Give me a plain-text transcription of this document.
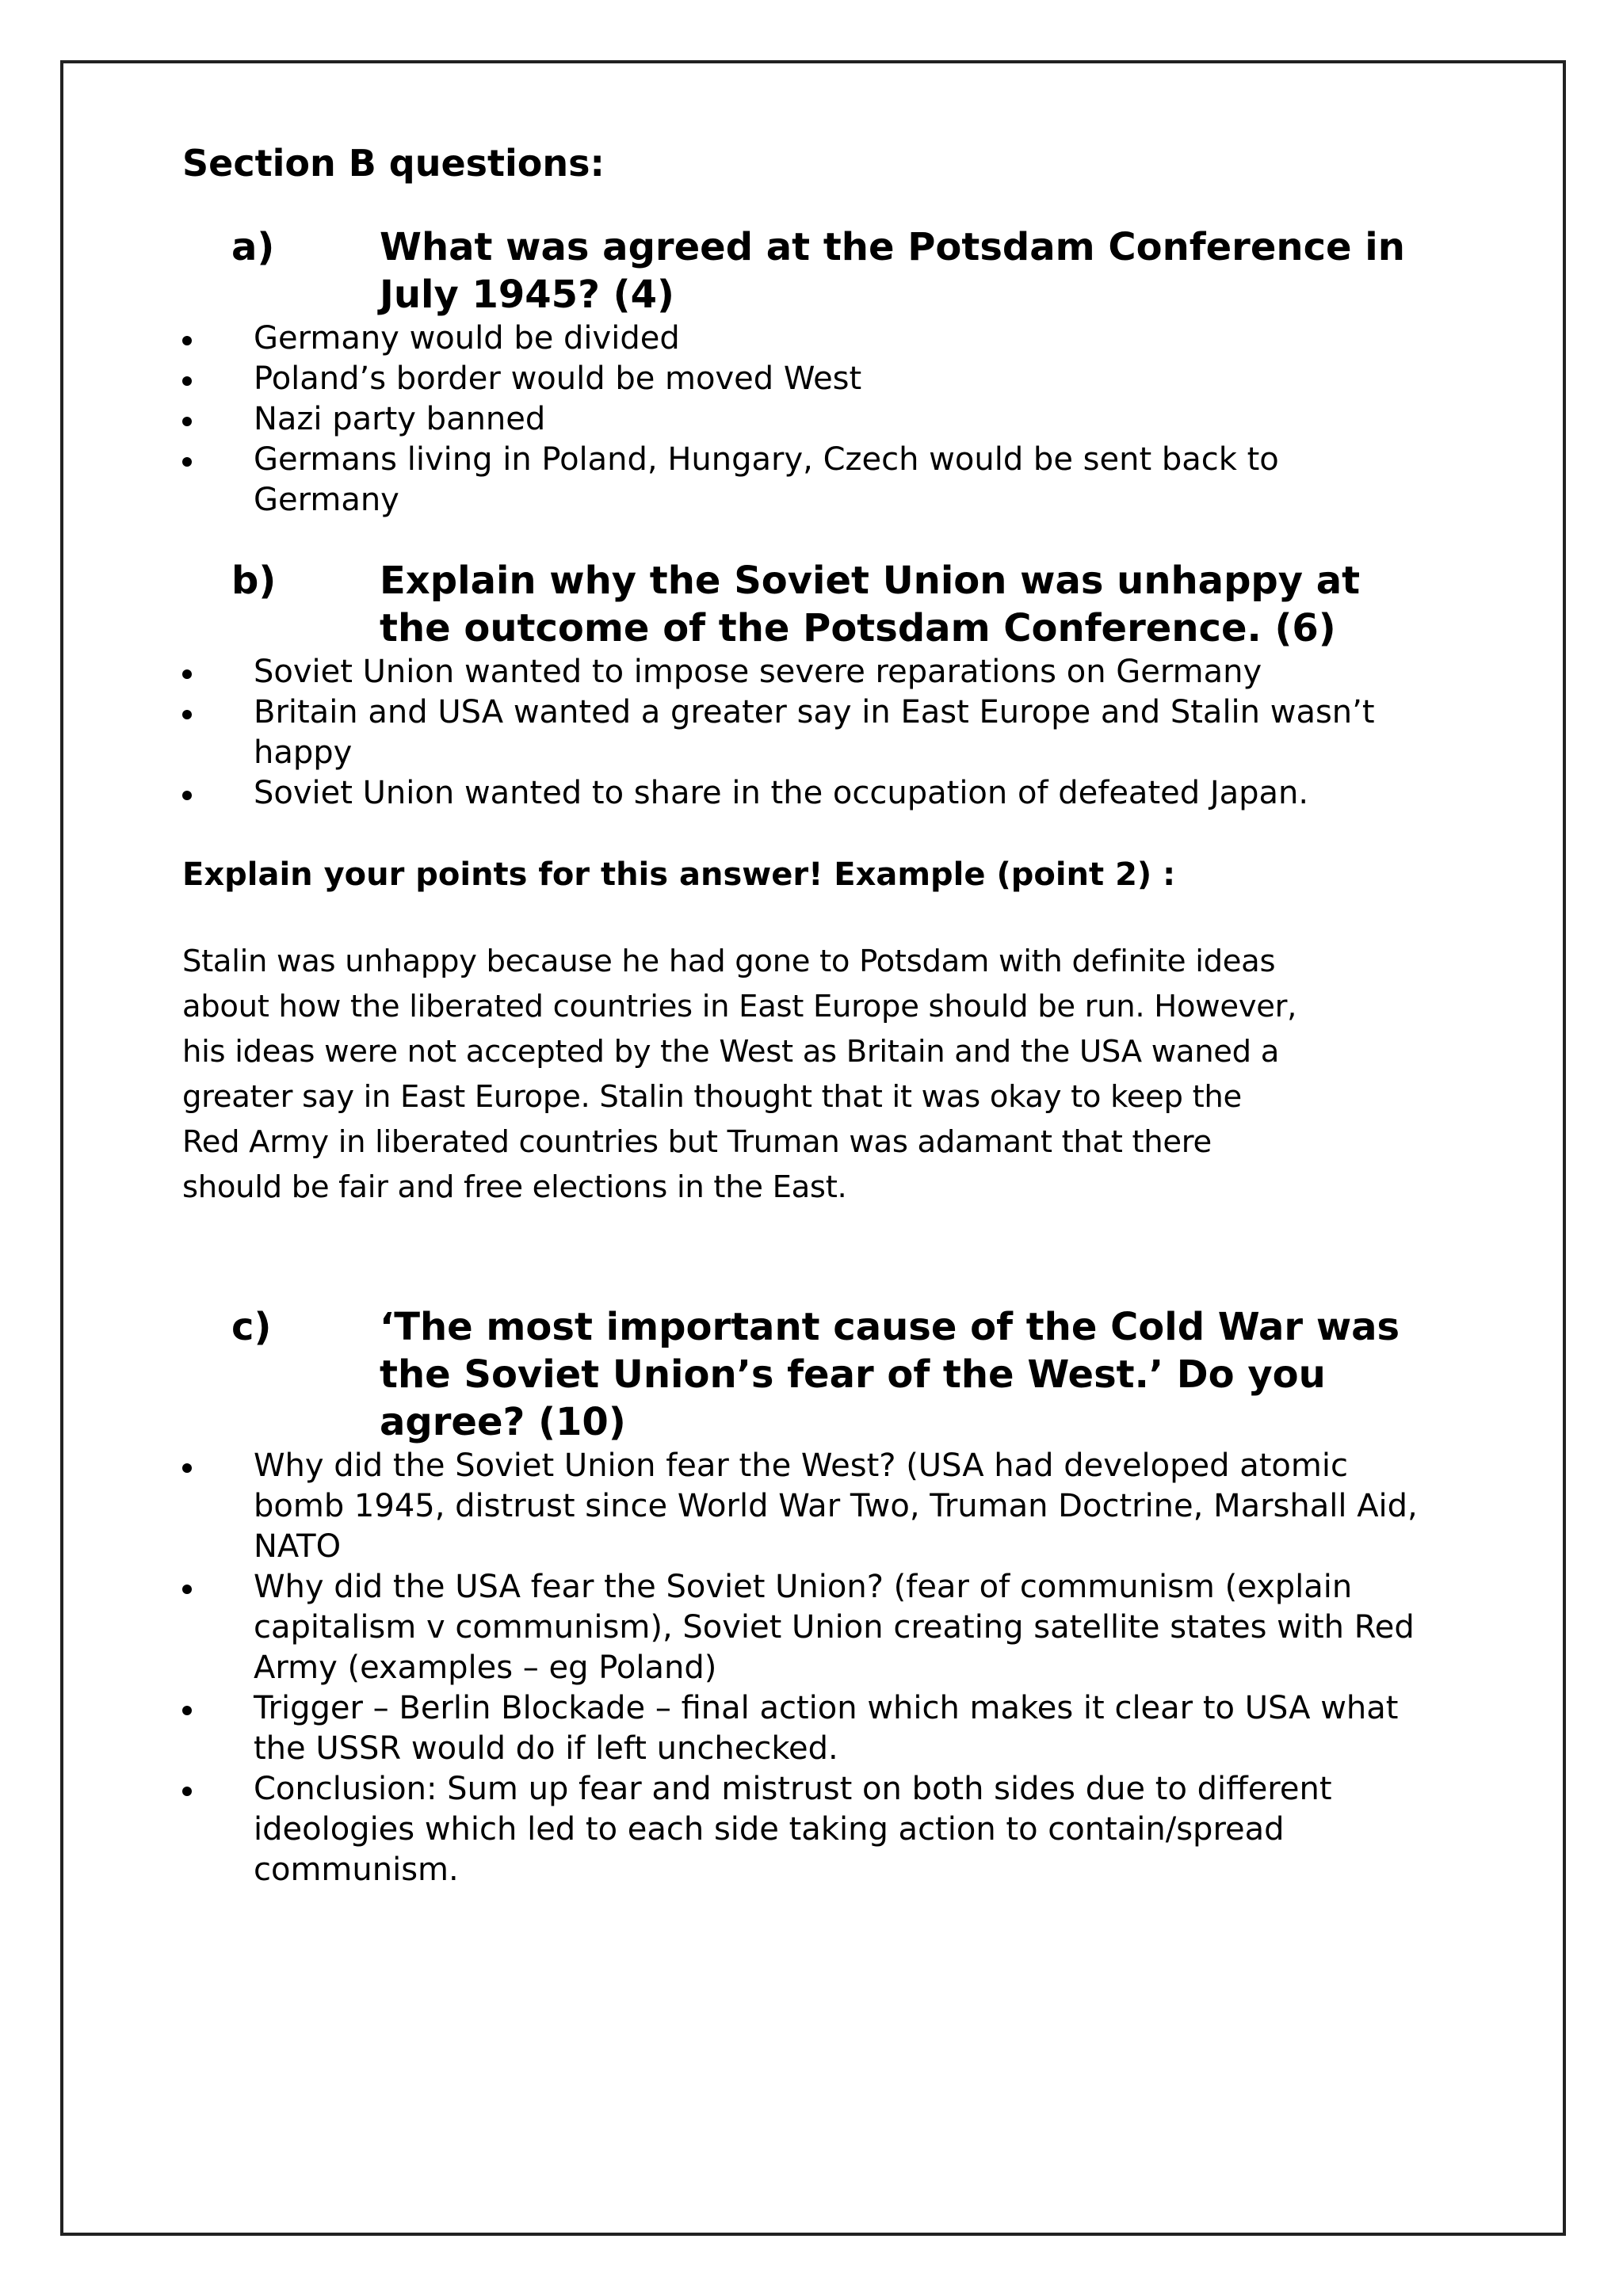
Section B questions:
a)	What was agreed at the Potsdam Conference in July 1945? (4)
Germany would be divided
Poland’s border would be moved West
Nazi party banned
Germans living in Poland, Hungary, Czech would be sent back to Germany
b)	Explain why the Soviet Union was unhappy at the outcome of the Potsdam Conference. (6)
Soviet Union wanted to impose severe reparations on Germany
Britain and USA wanted a greater say in East Europe and Stalin wasn’t happy
Soviet Union wanted to share in the occupation of defeated Japan.
Explain your points for this answer! Example (point 2) :
Stalin was unhappy because he had gone to Potsdam with definite ideas
about how the liberated countries in East Europe should be run. However,
his ideas were not accepted by the West as Britain and the USA waned a
greater say in East Europe. Stalin thought that it was okay to keep the
Red Army in liberated countries but Truman was adamant that there
should be fair and free elections in the East.
c)	‘The most important cause of the Cold War was the Soviet Union’s fear of the West.’ Do you agree? (10)
Why did the Soviet Union fear the West? (USA had developed atomic bomb 1945, distrust since World War Two, Truman Doctrine, Marshall Aid, NATO
Why did the USA fear the Soviet Union? (fear of communism (explain capitalism v communism), Soviet Union creating satellite states with Red Army (examples – eg Poland)
Trigger – Berlin Blockade – final action which makes it clear to USA what the USSR would do if left unchecked.
Conclusion: Sum up fear and mistrust on both sides due to different ideologies which led to each side taking action to contain/spread communism.
